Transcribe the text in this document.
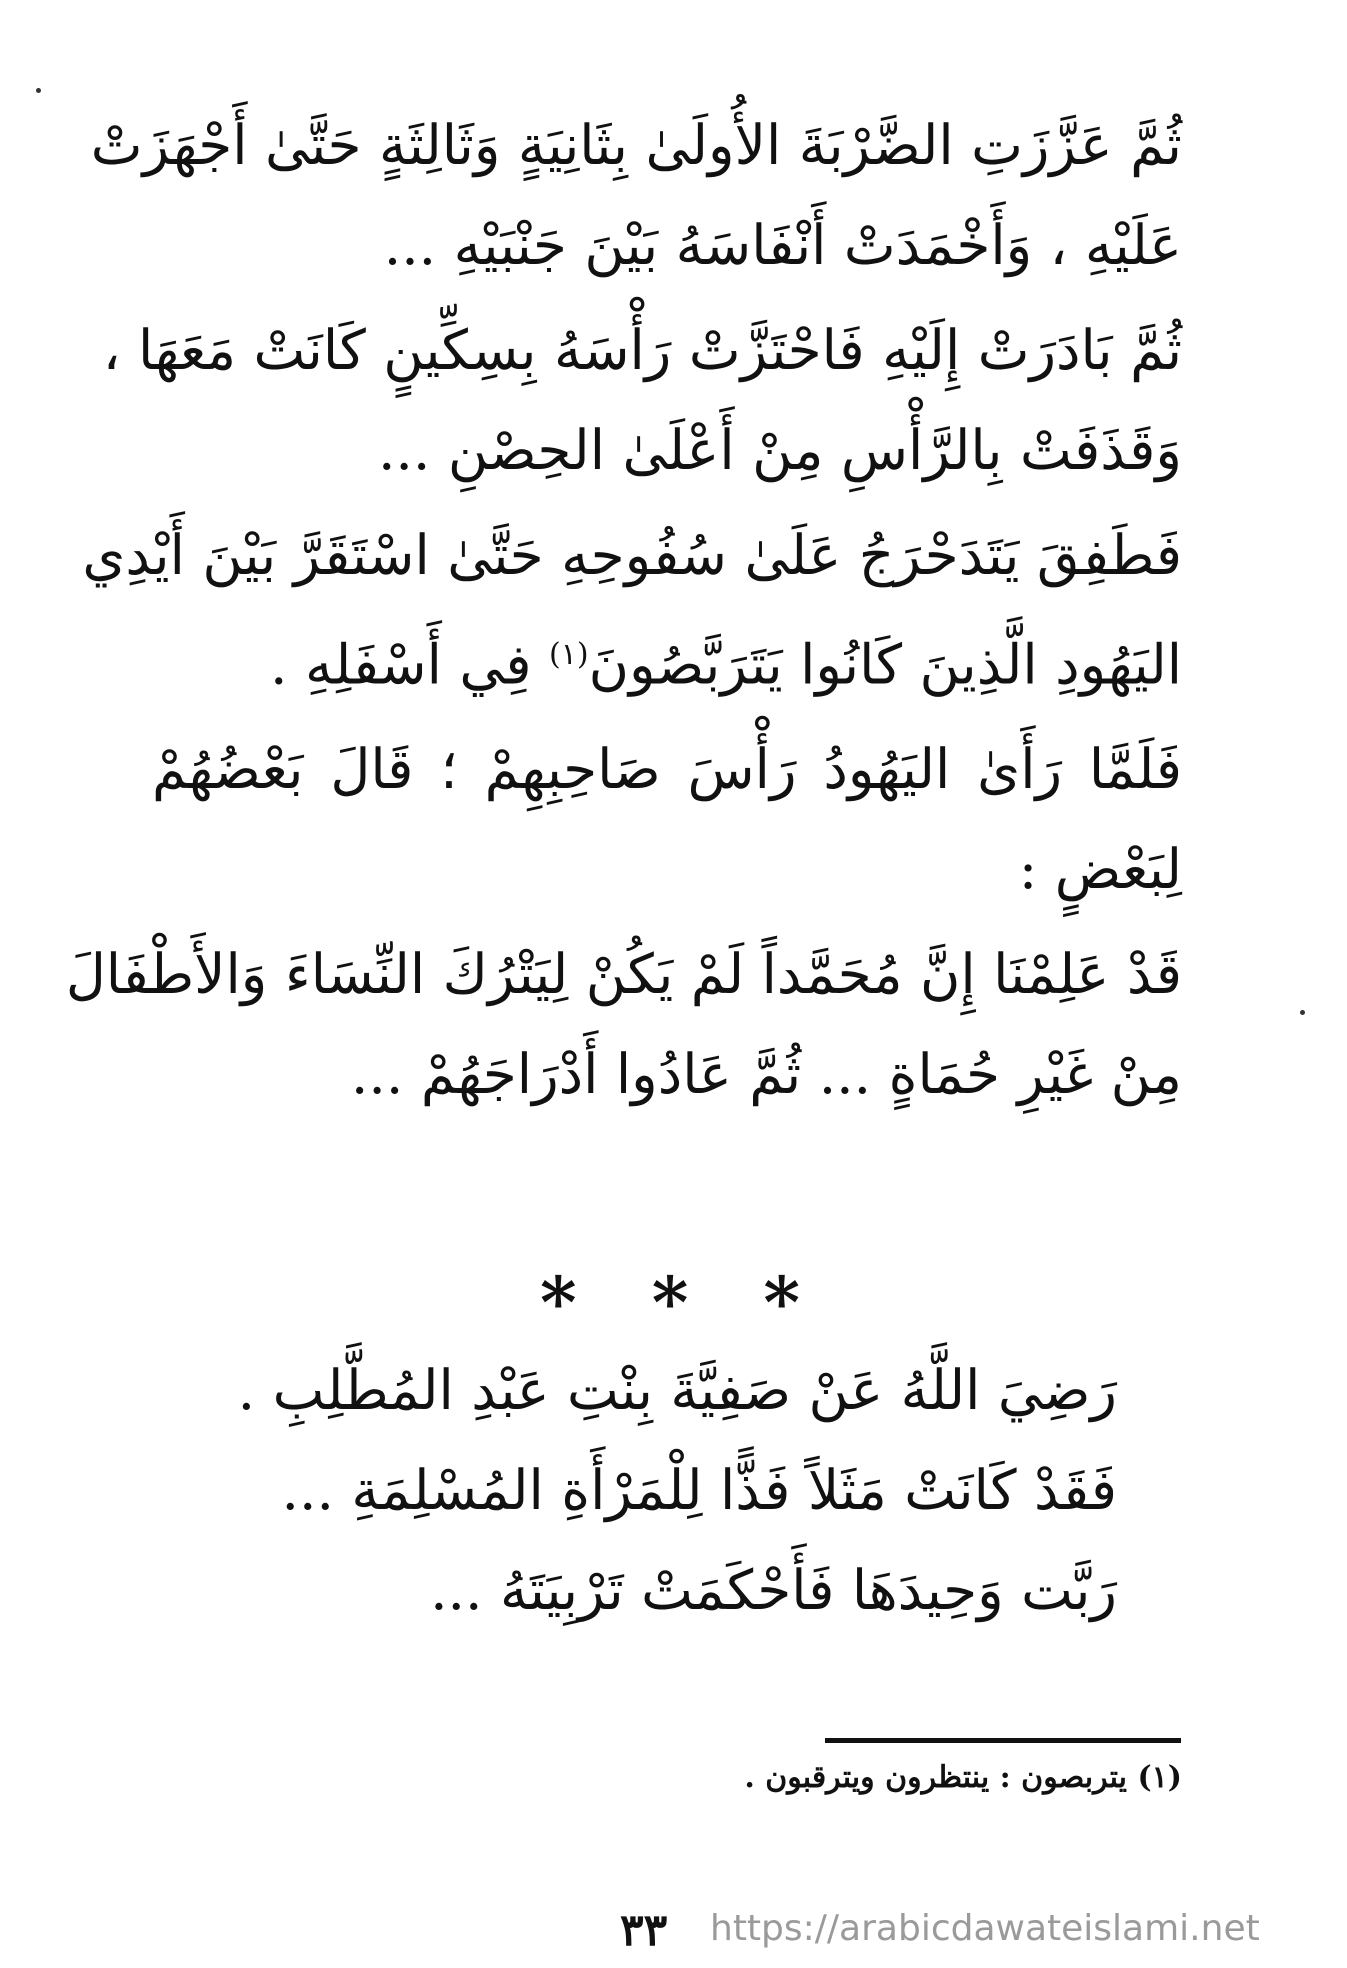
ثُمَّ عَزَّزَتِ الضَّرْبَةَ الأُولَىٰ بِثَانِيَةٍ وَثَالِثَةٍ حَتَّىٰ أَجْهَزَتْ
عَلَيْهِ ، وَأَخْمَدَتْ أَنْفَاسَهُ بَيْنَ جَنْبَيْهِ ...
ثُمَّ بَادَرَتْ إِلَيْهِ فَاحْتَزَّتْ رَأْسَهُ بِسِكِّينٍ كَانَتْ مَعَهَا ،
وَقَذَفَتْ بِالرَّأْسِ مِنْ أَعْلَىٰ الحِصْنِ ...
فَطَفِقَ يَتَدَحْرَجُ عَلَىٰ سُفُوحِهِ حَتَّىٰ اسْتَقَرَّ بَيْنَ أَيْدِي
اليَهُودِ الَّذِينَ كَانُوا يَتَرَبَّصُونَ$^{(١)}$ فِي أَسْفَلِهِ .
فَلَمَّا رَأَىٰ اليَهُودُ رَأْسَ صَاحِبِهِمْ ؛ قَالَ بَعْضُهُمْ
لِبَعْضٍ :
قَدْ عَلِمْنَا إِنَّ مُحَمَّداً لَمْ يَكُنْ لِيَتْرُكَ النِّسَاءَ وَالأَطْفَالَ
مِنْ غَيْرِ حُمَاةٍ ... ثُمَّ عَادُوا أَدْرَاجَهُمْ ...
*
*
*
رَضِيَ اللَّهُ عَنْ صَفِيَّةَ بِنْتِ عَبْدِ المُطَّلِبِ .
فَقَدْ كَانَتْ مَثَلاً فَذًّا لِلْمَرْأَةِ المُسْلِمَةِ ...
رَبَّت وَحِيدَهَا فَأَحْكَمَتْ تَرْبِيَتَهُ ...
(١) يتربصون : ينتظرون ويترقبون .
٣٣ https://arabicdawateislami.net
